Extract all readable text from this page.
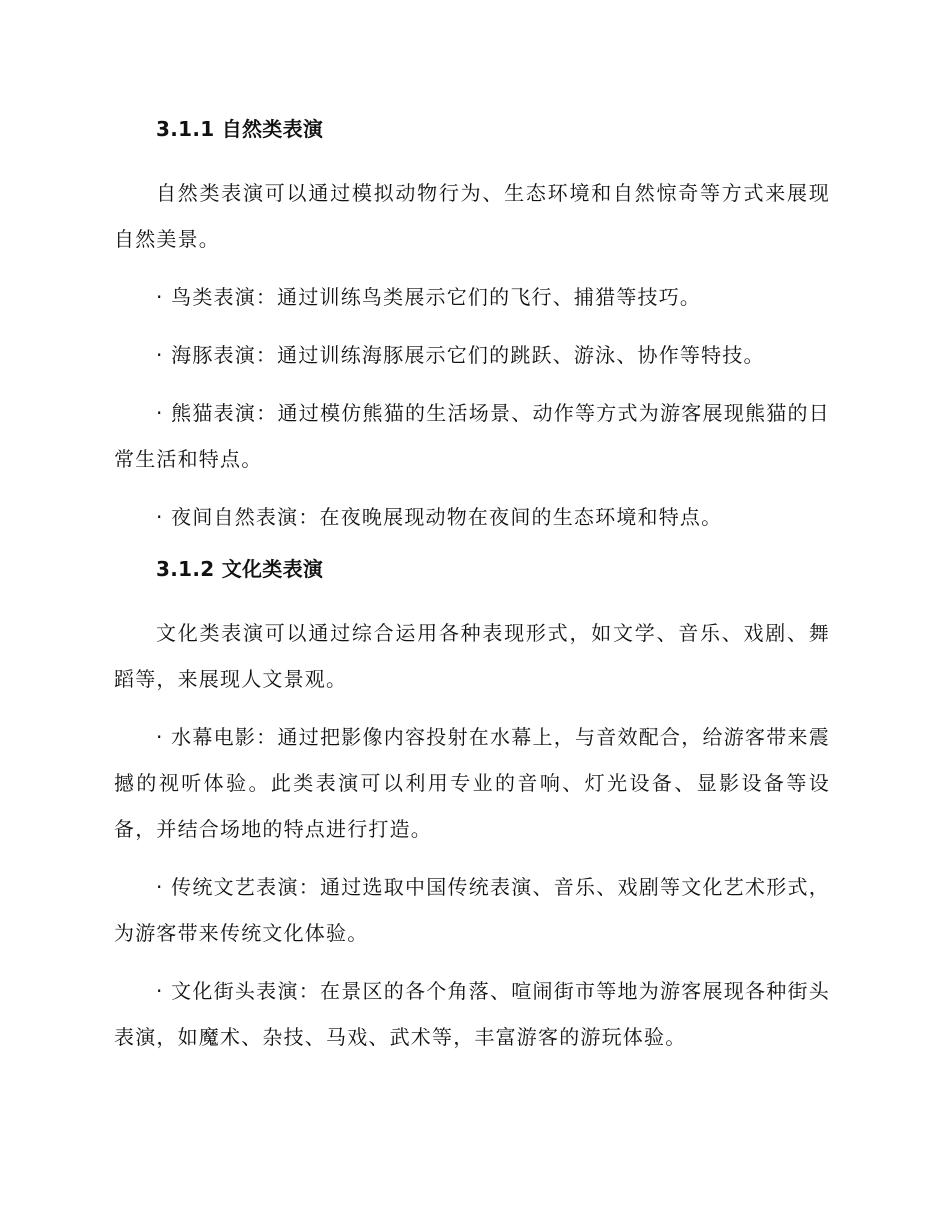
3.1.1 自然类表演

自然类表演可以通过模拟动物行为、生态环境和自然惊奇等方式来展现自然美景。

· 鸟类表演：通过训练鸟类展示它们的飞行、捕猎等技巧。

· 海豚表演：通过训练海豚展示它们的跳跃、游泳、协作等特技。

· 熊猫表演：通过模仿熊猫的生活场景、动作等方式为游客展现熊猫的日常生活和特点。

· 夜间自然表演：在夜晚展现动物在夜间的生态环境和特点。

3.1.2 文化类表演

文化类表演可以通过综合运用各种表现形式，如文学、音乐、戏剧、舞蹈等，来展现人文景观。

· 水幕电影：通过把影像内容投射在水幕上，与音效配合，给游客带来震撼的视听体验。此类表演可以利用专业的音响、灯光设备、显影设备等设备，并结合场地的特点进行打造。

· 传统文艺表演：通过选取中国传统表演、音乐、戏剧等文化艺术形式，为游客带来传统文化体验。

· 文化街头表演：在景区的各个角落、喧闹街市等地为游客展现各种街头表演，如魔术、杂技、马戏、武术等，丰富游客的游玩体验。
